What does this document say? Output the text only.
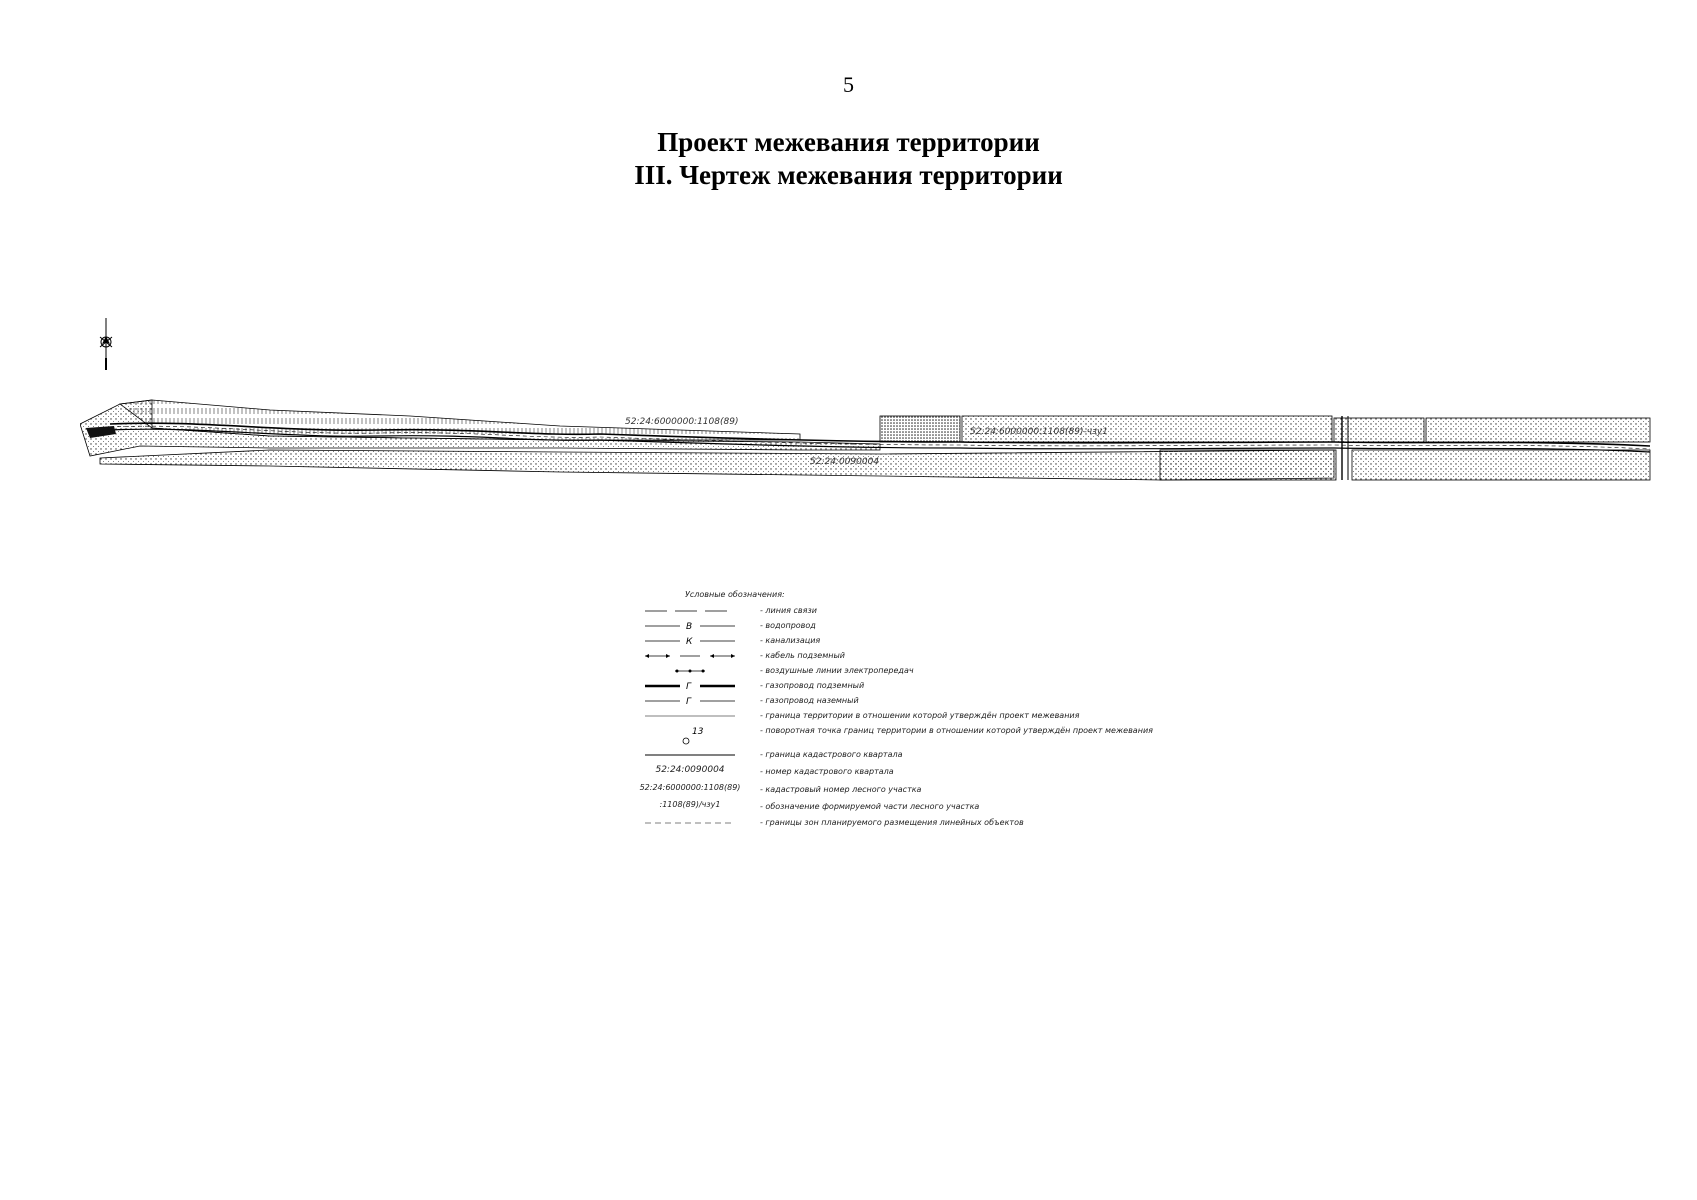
5
Проект межевания территории
III. Чертеж межевания территории
52:24:6000000:1108(89)
52:24:6000000:1108(89)-чзу1
52:24:0090004
Условные обозначения:
- линия связи
В	- водопровод
К	- канализация
- кабель подземный
- воздушные линии электропередач
Г	- газопровод подземный
Г	- газопровод наземный
- граница территории в отношении которой утверждён проект межевания
13	- поворотная точка границ территории в отношении которой утверждён проект межевания
- граница кадастрового квартала
52:24:0090004	- номер кадастрового квартала
52:24:6000000:1108(89)	- кадастровый номер лесного участка
:1108(89)/чзу1	- обозначение формируемой части лесного участка
- границы зон планируемого размещения линейных объектов
